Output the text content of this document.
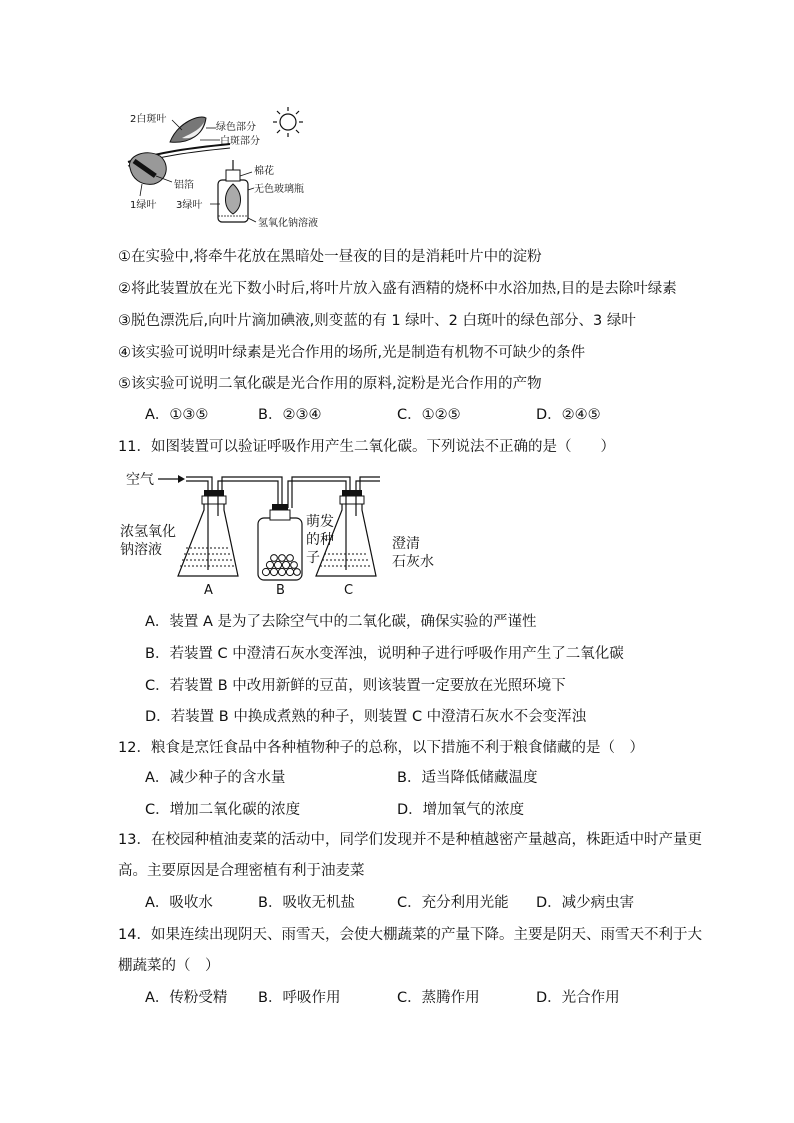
2白斑叶
绿色部分
白斑部分
铝箔
棉花
无色玻璃瓶
1绿叶 3绿叶
氢氧化钠溶液
①在实验中,将牵牛花放在黑暗处一昼夜的目的是消耗叶片中的淀粉
②将此装置放在光下数小时后,将叶片放入盛有酒精的烧杯中水浴加热,目的是去除叶绿素
③脱色漂洗后,向叶片滴加碘液,则变蓝的有 1 绿叶、2 白斑叶的绿色部分、3 绿叶
④该实验可说明叶绿素是光合作用的场所,光是制造有机物不可缺少的条件
⑤该实验可说明二氧化碳是光合作用的原料,淀粉是光合作用的产物
A．①③⑤	B．②③④	C．①②⑤	D．②④⑤
11．如图装置可以验证呼吸作用产生二氧化碳。下列说法不正确的是（　　）
空气
浓氢氧化
钠溶液
萌发
的种
子
澄清
石灰水
A	B	C
A．装置 A 是为了去除空气中的二氧化碳，确保实验的严谨性
B．若装置 C 中澄清石灰水变浑浊，说明种子进行呼吸作用产生了二氧化碳
C．若装置 B 中改用新鲜的豆苗，则该装置一定要放在光照环境下
D．若装置 B 中换成煮熟的种子，则装置 C 中澄清石灰水不会变浑浊
12．粮食是烹饪食品中各种植物种子的总称，以下措施不利于粮食储藏的是（　）
A．减少种子的含水量	B．适当降低储藏温度
C．增加二氧化碳的浓度	D．增加氧气的浓度
13．在校园种植油麦菜的活动中，同学们发现并不是种植越密产量越高，株距适中时产量更
高。主要原因是合理密植有利于油麦菜
A．吸收水	B．吸收无机盐	C．充分利用光能 D．减少病虫害
14．如果连续出现阴天、雨雪天，会使大棚蔬菜的产量下降。主要是阴天、雨雪天不利于大
棚蔬菜的（　）
A．传粉受精 B．呼吸作用	C．蒸腾作用	D．光合作用
